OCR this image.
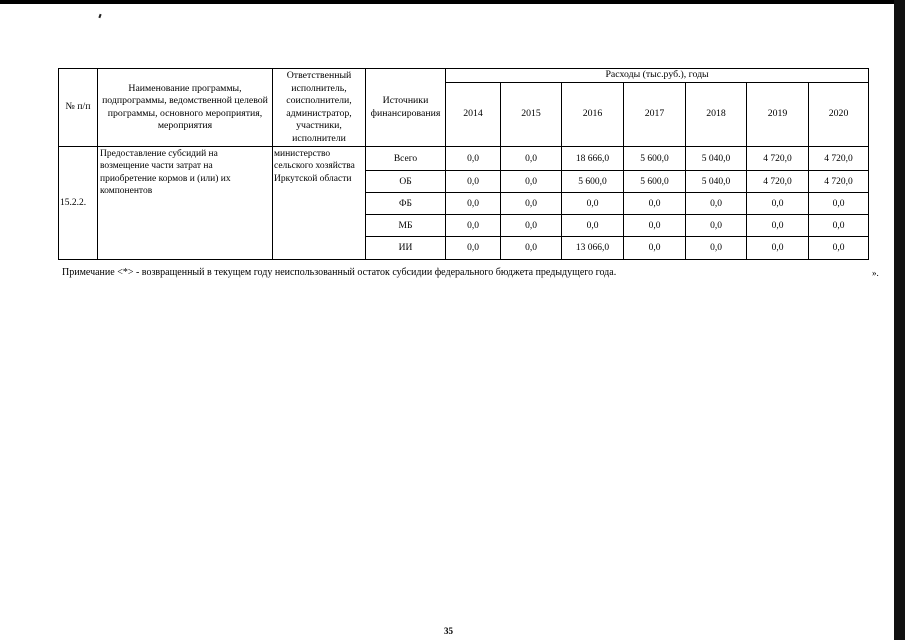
№ п/п	Наименование программы, подпрограммы, ведомственной целевой программы, основного мероприятия, мероприятия	Ответственный исполнитель, соисполнители, администратор, участники, исполнители	Источники финансирования	Расходы (тыс.руб.), годы						
				2014	2015	2016	2017	2018	2019	2020
15.2.2.	Предоставление субсидий на возмещение части затрат на приобретение кормов и (или) их компонентов	министерство сельского хозяйства Иркутской области	Всего	0,0	0,0	18 666,0	5 600,0	5 040,0	4 720,0	4 720,0
			ОБ	0,0	0,0	5 600,0	5 600,0	5 040,0	4 720,0	4 720,0
			ФБ	0,0	0,0	0,0	0,0	0,0	0,0	0,0
			МБ	0,0	0,0	0,0	0,0	0,0	0,0	0,0
			ИИ	0,0	0,0	13 066,0	0,0	0,0	0,0	0,0
Примечание <*> - возвращенный в текущем году неиспользованный остаток субсидии федерального бюджета предыдущего года.	».
35
